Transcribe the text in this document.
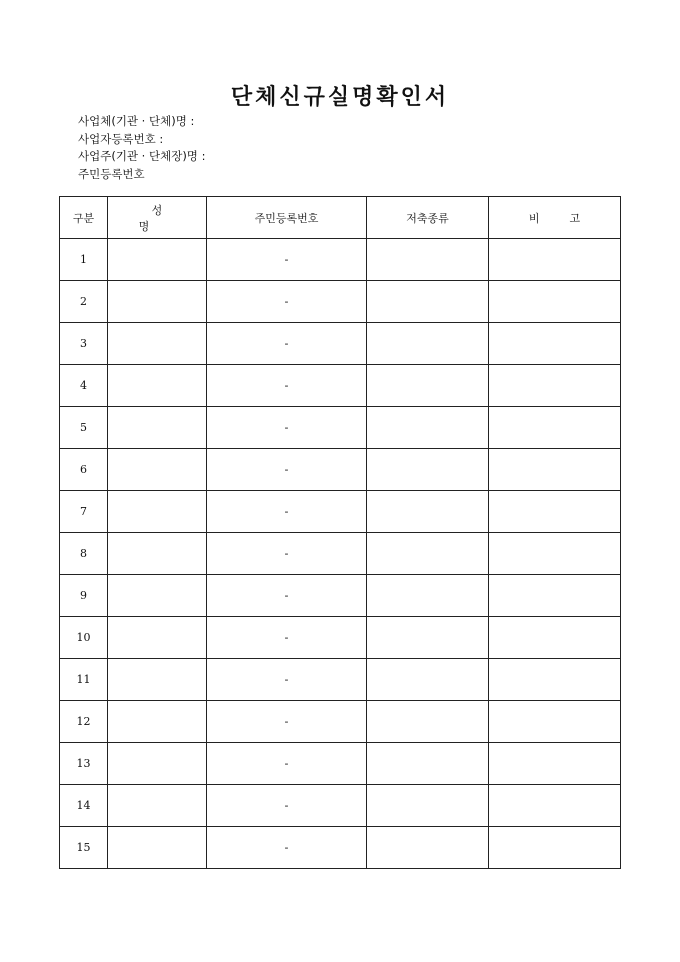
단체신규실명확인서
사업체(기관 · 단체)명 :
사업자등록번호 :
사업주(기관 · 단체장)명 :
주민등록번호
구분	성명	주민등록번호	저축종류	비고
1		-		
2		-		
3		-		
4		-		
5		-		
6		-		
7		-		
8		-		
9		-		
10		-		
11		-		
12		-		
13		-		
14		-		
15		-		
